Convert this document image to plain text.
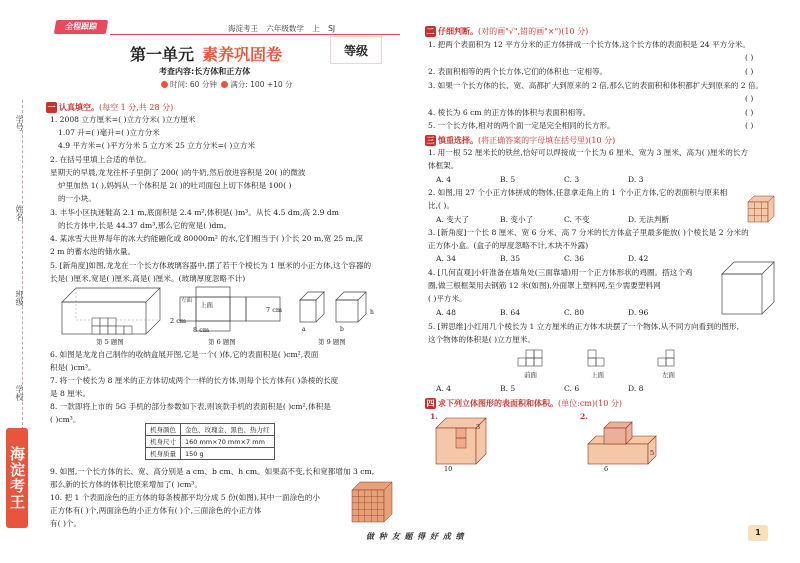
学号
姓名
班级
学校
海淀考王
全程跟踪	海淀考王 六年级数学 上 SJ
第一单元 素养巩固卷	等级
考查内容:长方体和正方体
时间: 60 分钟 满分: 100 +10 分
一 认真填空。(每空 1 分,共 28 分)
1. 2008 立方厘米=( )立方分米( )立方厘米
1.07 升=( )毫升=( )立方分米
4.9 平方米=( )平方分米 5 立方米 25 立方分米=( )立方米
2. 在括号里填上合适的单位。
星期天的早晨,龙龙往杯子里倒了 200( )的牛奶,然后放进容积是 20( )的微波
炉里加热 1( ),妈妈从一个体积是 2( )的吐司面包上切下体积是 100( )
的一小块。
3. 丰华小区执迷鞋高 2.1 m,底面积是 2.4 m²,体积是( )m³。从长 4.5 dm,高 2.9 dm
的长方体中,长是 44.37 dm³,那么它的宽是( )dm。
4. 某冰雪大世界每年的冰大约能融化或 80000m² 的水,它们相当于( )个长 20 m,宽 25 m,深
2 m 的蓄水池的储水量。
5. [新角度]如图,龙龙在一个长方体玻璃容器中,摆了若干个棱长为 1 厘米的小正方体,这个容器的
长是( )厘米,宽是( )厘米,高是( )厘米。(玻璃厚度忽略不计)
第 5 题图
上面
左面
7 cm
2 cm
8 cm
第 6 题图
a	b
h
第 9 题图
6. 如图是龙龙自己制作的收纳盒展开图,它是一个( )体,它的表面积是( )cm²,表面
积是( )cm³。
7. 将一个棱长为 8 厘米的正方体切成两个一样的长方体,则每个长方体有( )条棱的长度
是 8 厘米。
8. 一款即将上市的 5G 手机的部分参数如下表,则该款手机的表面积是( )cm²,体积是
( )cm³。
机身颜色	金色、玫瑰金、黑色、热力红
机身尺寸	160 mm×70 mm×7 mm
机身质量	150 g
9. 如图,一个长方体的长、宽、高分别是 a cm、b cm、h cm。如果高不变,长和宽都增加 3 cm,
那么新的长方体的体积比原来增加了( )cm³。
10. 把 1 个表面涂色的正方体的每条棱都平均分成 5 份(如图),其中一面涂色的小
正方体有( )个,两面涂色的小正方体有( )个,三面涂色的小正方体
有( )个。
二 仔细判断。(对的画"√",错的画"×")(10 分)
1. 把两个表面积为 12 平方分米的正方体拼成一个长方体,这个长方体的表面积是 24 平方分米。
( )
2. 表面积相等的两个长方体,它们的体积也一定相等。	( )
3. 如果一个长方体的长、宽、高都扩大到原来的 2 倍,那么它的表面积和体积都扩大到原来的 2 倍。
( )
4. 棱长为 6 cm 的正方体的体积与表面积相等。	( )
5. 一个长方体,相对的两个面一定是完全相同的长方形。	( )
三 慎重选择。(将正确答案的字母填在括号里)(10 分)
1. 用一根 52 厘米长的铁丝,恰好可以焊接成一个长为 6 厘米、宽为 3 厘米、高为( )厘米的长方
体框架。
A. 4	B. 5	C. 3	D. 3
2. 如图,用 27 个小正方体拼成的物体,任意拿走角上的 1 个小正方体,它的表面积与原来相
比,( )。
A. 变大了	B. 变小了	C. 不变	D. 无法判断
3. [新角度]一个长 8 厘米、宽 6 分米、高 7 分米的长方体盒子里最多能放( )个棱长是 2 分米的
正方体小盒。(盒子的厚度忽略不计,木块不外露)
A. 34	B. 35	C. 36	D. 42
4. [几何直观]小轩准备在墙角处(三面靠墙)用一个正方体形状的鸡圈。搭这个鸡
圈,做三根框架用去钢筋 12 米(如图),外面罩上塑料网,至少需要塑料网
( )平方米。
A. 48	B. 64	C. 80	D. 96
5. [辨思维]小红用几个棱长为 1 立方厘米的正方体木块摆了一个物体,从不同方向看到的图形,
这个物体的体积是( )立方厘米。
前面	上面	左面
A. 4	B. 5	C. 6	D. 8
四 求下列立体图形的表面积和体积。(单位:cm)(10 分)
1.	2.
10
3
6
5
做 种 友 题 得 好 成 绩	1
